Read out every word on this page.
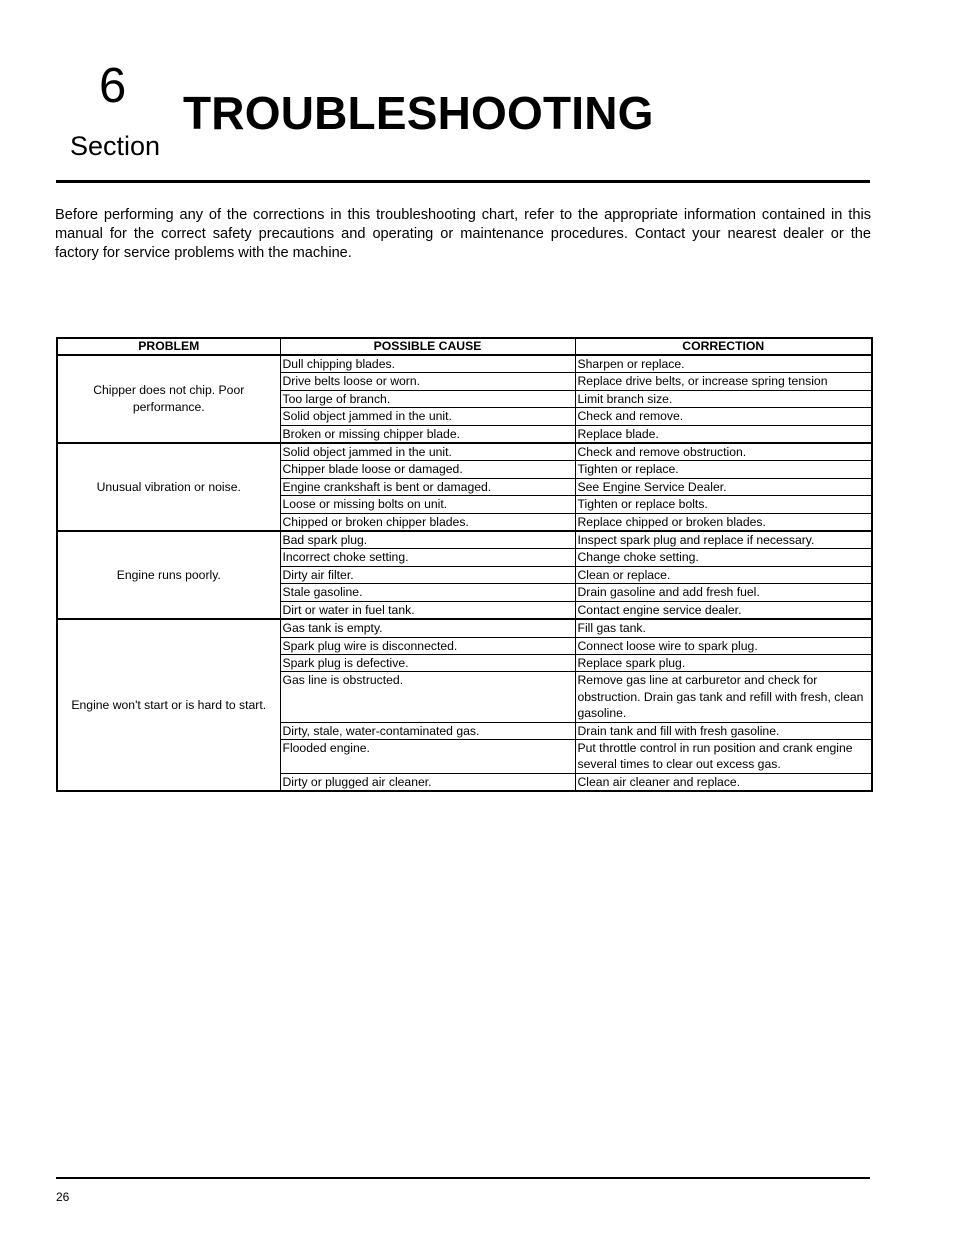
6
Section
TROUBLESHOOTING

Before performing any of the corrections in this troubleshooting chart, refer to the appropriate information contained in this manual for the correct safety precautions and operating or maintenance procedures. Contact your nearest dealer or the factory for service problems with the machine.

PROBLEM	POSSIBLE CAUSE	CORRECTION
Chipper does not chip. Poor performance.	Dull chipping blades.	Sharpen or replace.
	Drive belts loose or worn.	Replace drive belts, or increase spring tension
	Too large of branch.	Limit branch size.
	Solid object jammed in the unit.	Check and remove.
	Broken or missing chipper blade.	Replace blade.
Unusual vibration or noise.	Solid object jammed in the unit.	Check and remove obstruction.
	Chipper blade loose or damaged.	Tighten or replace.
	Engine crankshaft is bent or damaged.	See Engine Service Dealer.
	Loose or missing bolts on unit.	Tighten or replace bolts.
	Chipped or broken chipper blades.	Replace chipped or broken blades.
Engine runs poorly.	Bad spark plug.	Inspect spark plug and replace if necessary.
	Incorrect choke setting.	Change choke setting.
	Dirty air filter.	Clean or replace.
	Stale gasoline.	Drain gasoline and add fresh fuel.
	Dirt or water in fuel tank.	Contact engine service dealer.
Engine won't start or is hard to start.	Gas tank is empty.	Fill gas tank.
	Spark plug wire is disconnected.	Connect loose wire to spark plug.
	Spark plug is defective.	Replace spark plug.
	Gas line is obstructed.	Remove gas line at carburetor and check for obstruction. Drain gas tank and refill with fresh, clean gasoline.
	Dirty, stale, water-contaminated gas.	Drain tank and fill with fresh gasoline.
	Flooded engine.	Put throttle control in run position and crank engine several times to clear out excess gas.
	Dirty or plugged air cleaner.	Clean air cleaner and replace.
26
